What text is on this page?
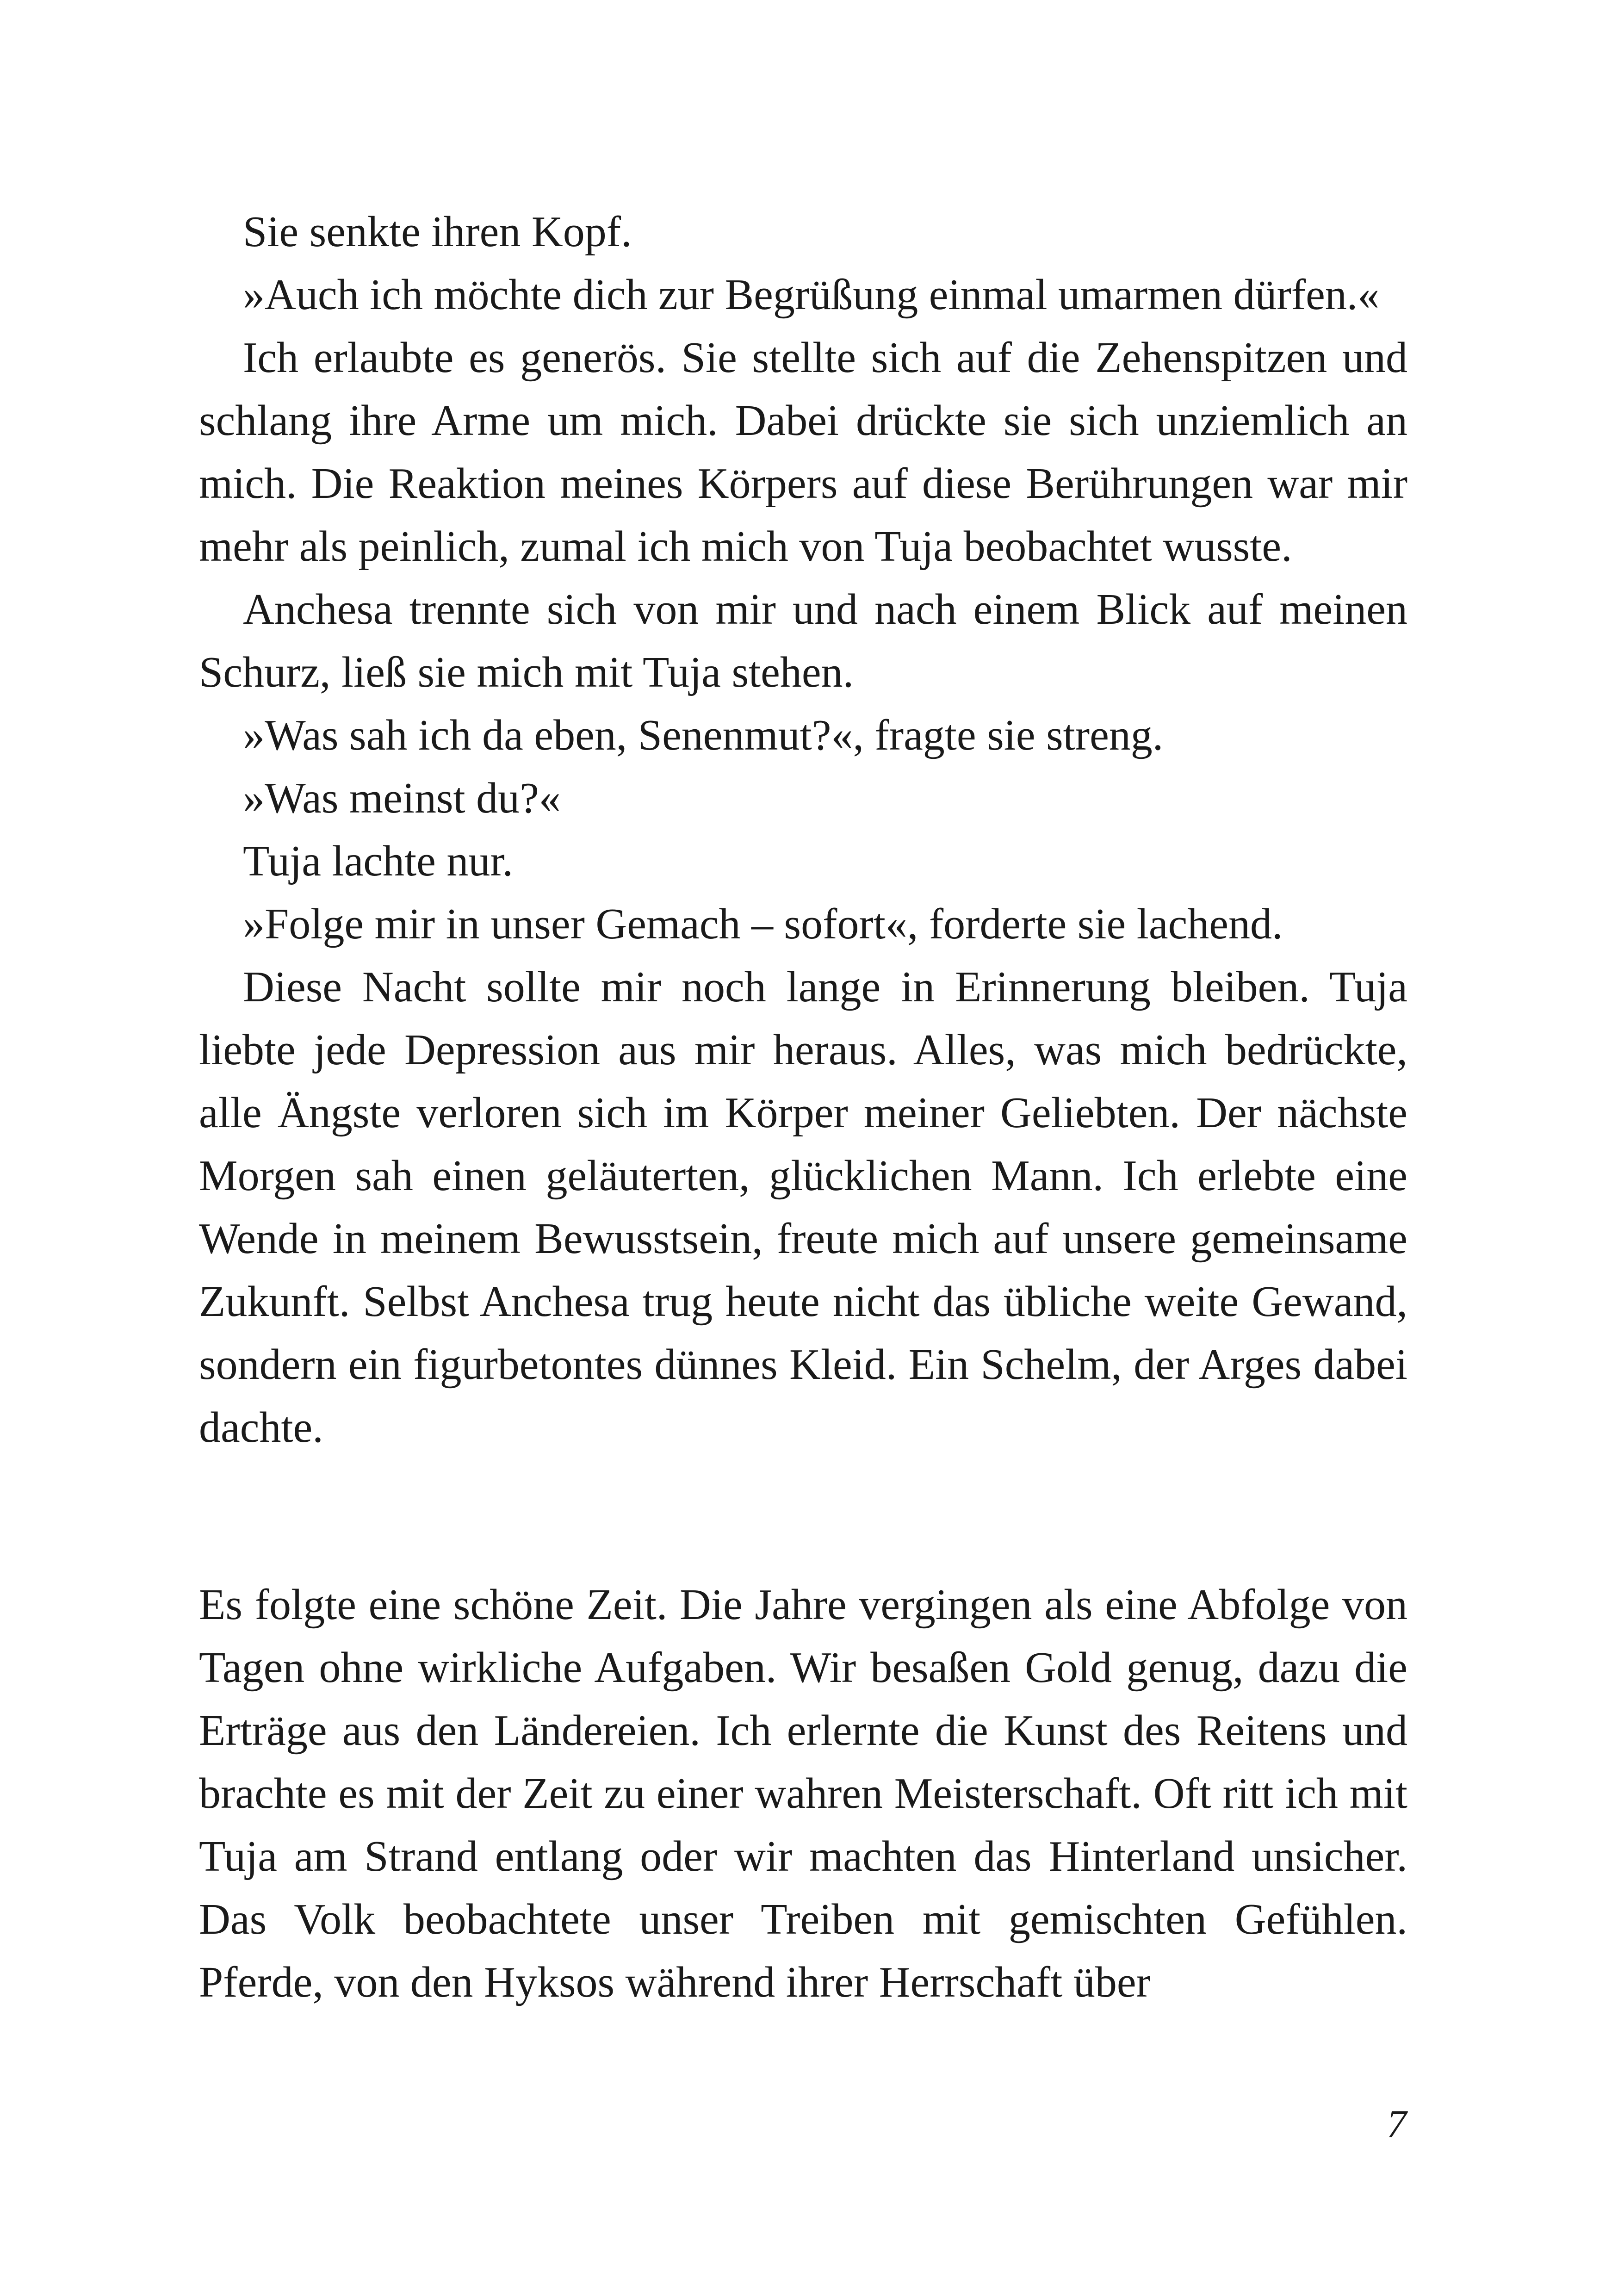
Sie senkte ihren Kopf.

»Auch ich möchte dich zur Begrüßung einmal umarmen dürfen.«

Ich erlaubte es generös. Sie stellte sich auf die Zehenspitzen und schlang ihre Arme um mich. Dabei drückte sie sich unziemlich an mich. Die Reaktion meines Körpers auf diese Berührungen war mir mehr als peinlich, zumal ich mich von Tuja beobachtet wusste.

Anchesa trennte sich von mir und nach einem Blick auf meinen Schurz, ließ sie mich mit Tuja stehen.

»Was sah ich da eben, Senenmut?«, fragte sie streng.

»Was meinst du?«

Tuja lachte nur.

»Folge mir in unser Gemach – sofort«, forderte sie lachend.

Diese Nacht sollte mir noch lange in Erinnerung bleiben. Tuja liebte jede Depression aus mir heraus. Alles, was mich bedrückte, alle Ängste verloren sich im Körper meiner Geliebten. Der nächste Morgen sah einen geläuterten, glücklichen Mann. Ich erlebte eine Wende in meinem Bewusstsein, freute mich auf unsere gemeinsame Zukunft. Selbst Anchesa trug heute nicht das übliche weite Gewand, sondern ein figurbetontes dünnes Kleid. Ein Schelm, der Arges dabei dachte.

Es folgte eine schöne Zeit. Die Jahre vergingen als eine Abfolge von Tagen ohne wirkliche Aufgaben. Wir besaßen Gold genug, dazu die Erträge aus den Ländereien. Ich erlernte die Kunst des Reitens und brachte es mit der Zeit zu einer wahren Meisterschaft. Oft ritt ich mit Tuja am Strand entlang oder wir machten das Hinterland unsicher. Das Volk beobachtete unser Treiben mit gemischten Gefühlen. Pferde, von den Hyksos während ihrer Herrschaft über

7
